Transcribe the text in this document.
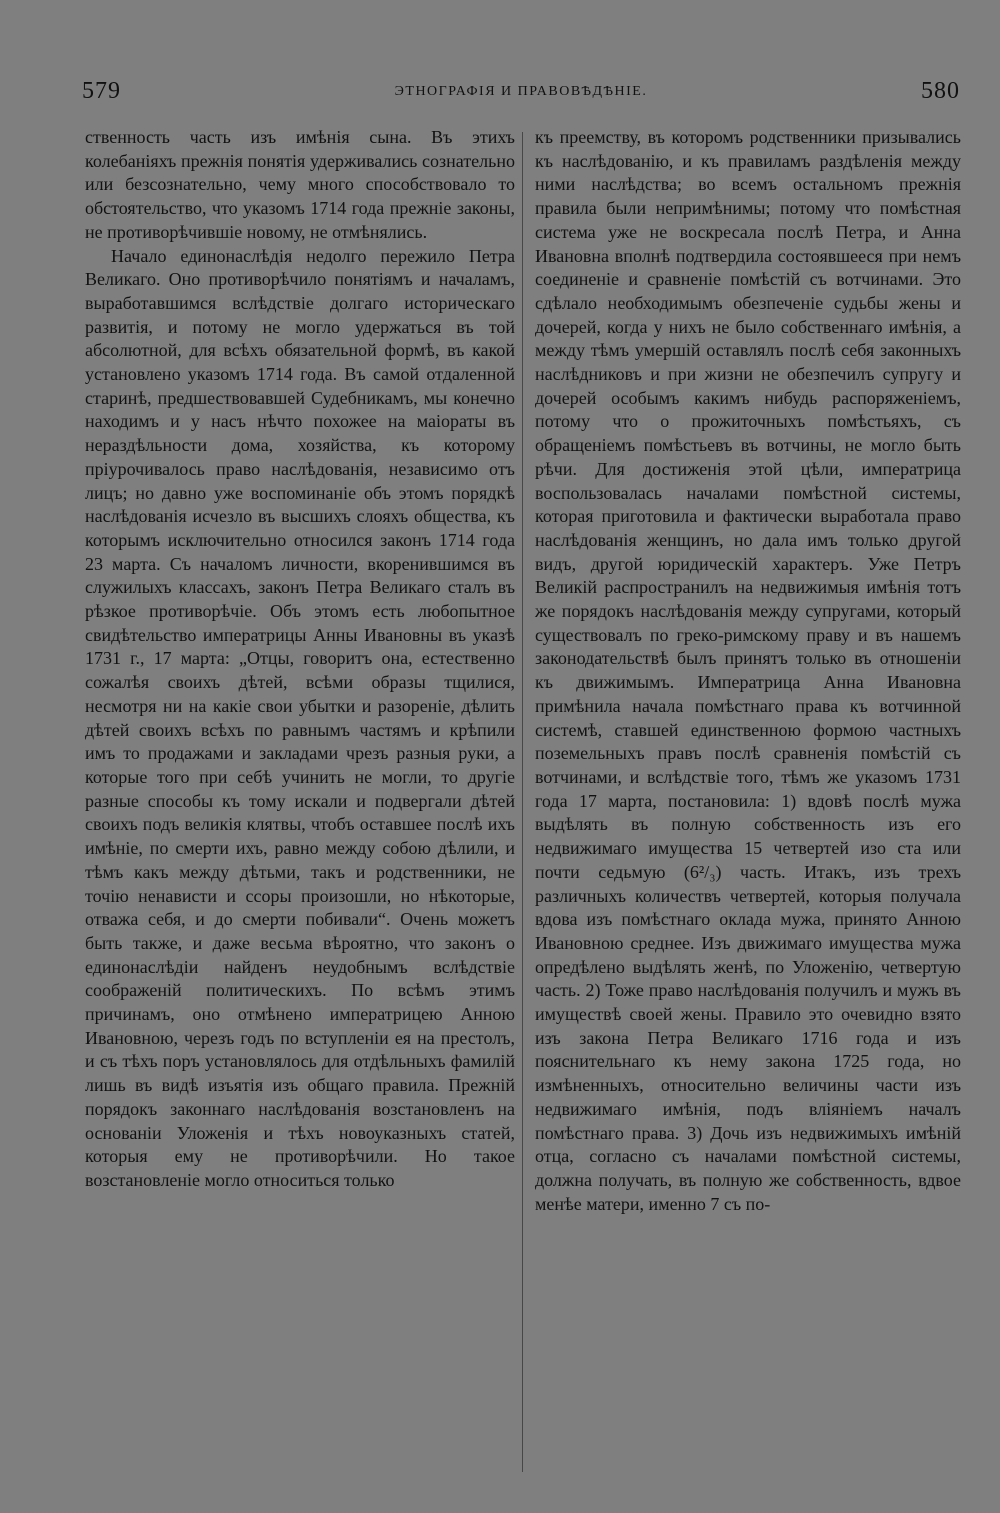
579	ЭТНОГРАФІЯ И ПРАВОВѢДѢНІЕ.	580

ственность часть изъ имѣнія сына. Въ этихъ колебаніяхъ прежнія понятія удерживались сознательно или безсознательно, чему много способствовало то обстоятельство, что указомъ 1714 года прежніе законы, не противорѣчившіе новому, не отмѣнялись.

Начало единонаслѣдія недолго пережило Петра Великаго. Оно противорѣчило понятіямъ и началамъ, выработавшимся вслѣдствіе долгаго историческаго развитія, и потому не могло удержаться въ той абсолютной, для всѣхъ обязательной формѣ, въ какой установлено указомъ 1714 года. Въ самой отдаленной старинѣ, предшествовавшей Судебникамъ, мы конечно находимъ и у насъ нѣчто похожее на маіораты въ нераздѣльности дома, хозяйства, къ которому пріурочивалось право наслѣдованія, независимо отъ лицъ; но давно уже воспоминаніе объ этомъ порядкѣ наслѣдованія исчезло въ высшихъ слояхъ общества, къ которымъ исключительно относился законъ 1714 года 23 марта. Съ началомъ личности, вкоренившимся въ служилыхъ классахъ, законъ Петра Великаго сталъ въ рѣзкое противорѣчіе. Объ этомъ есть любопытное свидѣтельство императрицы Анны Ивановны въ указѣ 1731 г., 17 марта: „Отцы, говоритъ она, естественно сожалѣя своихъ дѣтей, всѣми образы тщилися, несмотря ни на какіе свои убытки и разореніе, дѣлить дѣтей своихъ всѣхъ по равнымъ частямъ и крѣпили имъ то продажами и закладами чрезъ разныя руки, а которые того при себѣ учинить не могли, то другіе разные способы къ тому искали и подвергали дѣтей своихъ подъ великія клятвы, чтобъ оставшее послѣ ихъ имѣніе, по смерти ихъ, равно между собою дѣлили, и тѣмъ какъ между дѣтьми, такъ и родственники, не точію ненависти и ссоры произошли, но нѣкоторые, отважа себя, и до смерти побивали“. Очень можетъ быть также, и даже весьма вѣроятно, что законъ о единонаслѣдіи найденъ неудобнымъ вслѣдствіе соображеній политическихъ. По всѣмъ этимъ причинамъ, оно отмѣнено императрицею Анною Ивановною, черезъ годъ по вступленіи ея на престолъ, и съ тѣхъ поръ установлялось для отдѣльныхъ фамилій лишь въ видѣ изъятія изъ общаго правила. Прежній порядокъ законнаго наслѣдованія возстановленъ на основаніи Уложенія и тѣхъ новоуказныхъ статей, которыя ему не противорѣчили. Но такое возстановленіе могло относиться только

къ преемству, въ которомъ родственники призывались къ наслѣдованію, и къ правиламъ раздѣленія между ними наслѣдства; во всемъ остальномъ прежнія правила были непримѣнимы; потому что помѣстная система уже не воскресала послѣ Петра, и Анна Ивановна вполнѣ подтвердила состоявшееся при немъ соединеніе и сравненіе помѣстій съ вотчинами. Это сдѣлало необходимымъ обезпеченіе судьбы жены и дочерей, когда у нихъ не было собственнаго имѣнія, а между тѣмъ умершій оставлялъ послѣ себя законныхъ наслѣдниковъ и при жизни не обезпечилъ супругу и дочерей особымъ какимъ нибудь распоряженіемъ, потому что о прожиточныхъ помѣстьяхъ, съ обращеніемъ помѣстьевъ въ вотчины, не могло быть рѣчи. Для достиженія этой цѣли, императрица воспользовалась началами помѣстной системы, которая приготовила и фактически выработала право наслѣдованія женщинъ, но дала имъ только другой видъ, другой юридическій характеръ. Уже Петръ Великій распространилъ на недвижимыя имѣнія тотъ же порядокъ наслѣдованія между супругами, который существовалъ по греко-римскому праву и въ нашемъ законодательствѣ былъ принятъ только въ отношеніи къ движимымъ. Императрица Анна Ивановна примѣнила начала помѣстнаго права къ вотчинной системѣ, ставшей единственною формою частныхъ поземельныхъ правъ послѣ сравненія помѣстій съ вотчинами, и вслѣдствіе того, тѣмъ же указомъ 1731 года 17 марта, постановила: 1) вдовѣ послѣ мужа выдѣлять въ полную собственность изъ его недвижимаго имущества 15 четвертей изо ста или почти седьмую (6²/₃) часть. Итакъ, изъ трехъ различныхъ количествъ четвертей, которыя получала вдова изъ помѣстнаго оклада мужа, принято Анною Ивановною среднее. Изъ движимаго имущества мужа опредѣлено выдѣлять женѣ, по Уложенію, четвертую часть. 2) Тоже право наслѣдованія получилъ и мужъ въ имуществѣ своей жены. Правило это очевидно взято изъ закона Петра Великаго 1716 года и изъ пояснительнаго къ нему закона 1725 года, но измѣненныхъ, относительно величины части изъ недвижимаго имѣнія, подъ вліяніемъ началъ помѣстнаго права. 3) Дочь изъ недвижимыхъ имѣній отца, согласно съ началами помѣстной системы, должна получать, въ полную же собственность, вдвое менѣе матери, именно 7 съ по-
